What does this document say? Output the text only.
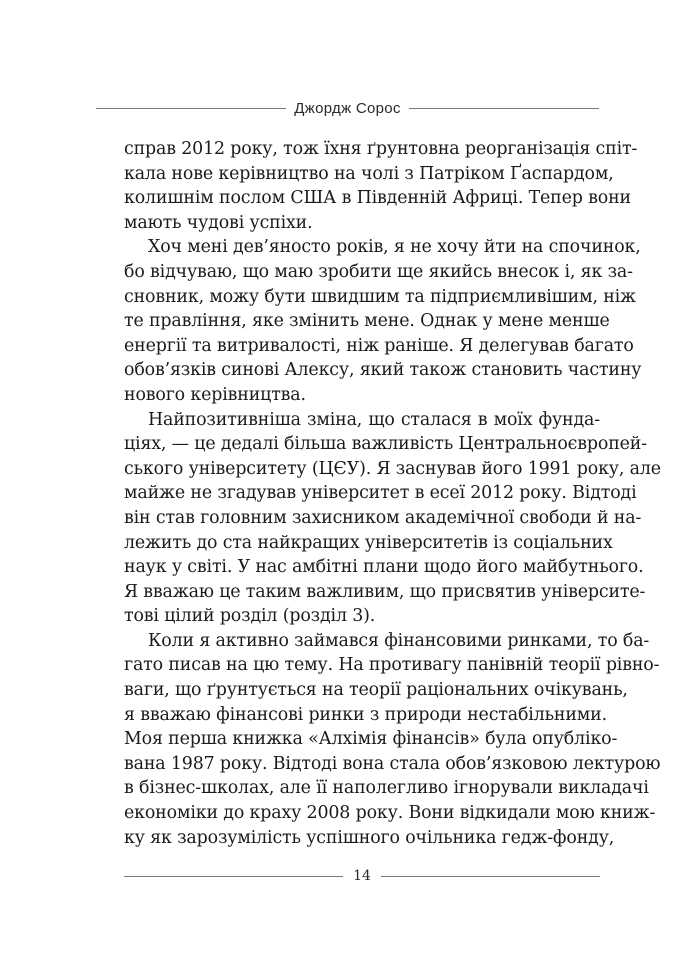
Джордж Сорос
справ 2012 року, тож їхня ґрунтовна реорганізація спіт-
кала нове керівництво на чолі з Патріком Ґаспардом,
колишнім послом США в Південній Африці. Тепер вони
мають чудові успіхи.
Хоч мені дев’яносто років, я не хочу йти на спочинок,
бо відчуваю, що маю зробити ще якийсь внесок і, як за-
сновник, можу бути швидшим та підприємливішим, ніж
те правління, яке змінить мене. Однак у мене менше
енергії та витривалості, ніж раніше. Я делегував багато
обов’язків синові Алексу, який також становить частину
нового керівництва.
Найпозитивніша зміна, що сталася в моїх фунда-
ціях, — це дедалі більша важливість Центральноєвропей-
ського університету (ЦЄУ). Я заснував його 1991 року, але
майже не згадував університет в есеї 2012 року. Відтоді
він став головним захисником академічної свободи й на-
лежить до ста найкращих університетів із соціальних
наук у світі. У нас амбітні плани щодо його майбутнього.
Я вважаю це таким важливим, що присвятив університе-
тові цілий розділ (розділ 3).
Коли я активно займався фінансовими ринками, то ба-
гато писав на цю тему. На противагу панівній теорії рівно-
ваги, що ґрунтується на теорії раціональних очікувань,
я вважаю фінансові ринки з природи нестабільними.
Моя перша книжка «Алхімія фінансів» була опубліко-
вана 1987 року. Відтоді вона стала обов’язковою лектурою
в бізнес-школах, але її наполегливо ігнорували викладачі
економіки до краху 2008 року. Вони відкидали мою книж-
ку як зарозумілість успішного очільника гедж-фонду,
14
